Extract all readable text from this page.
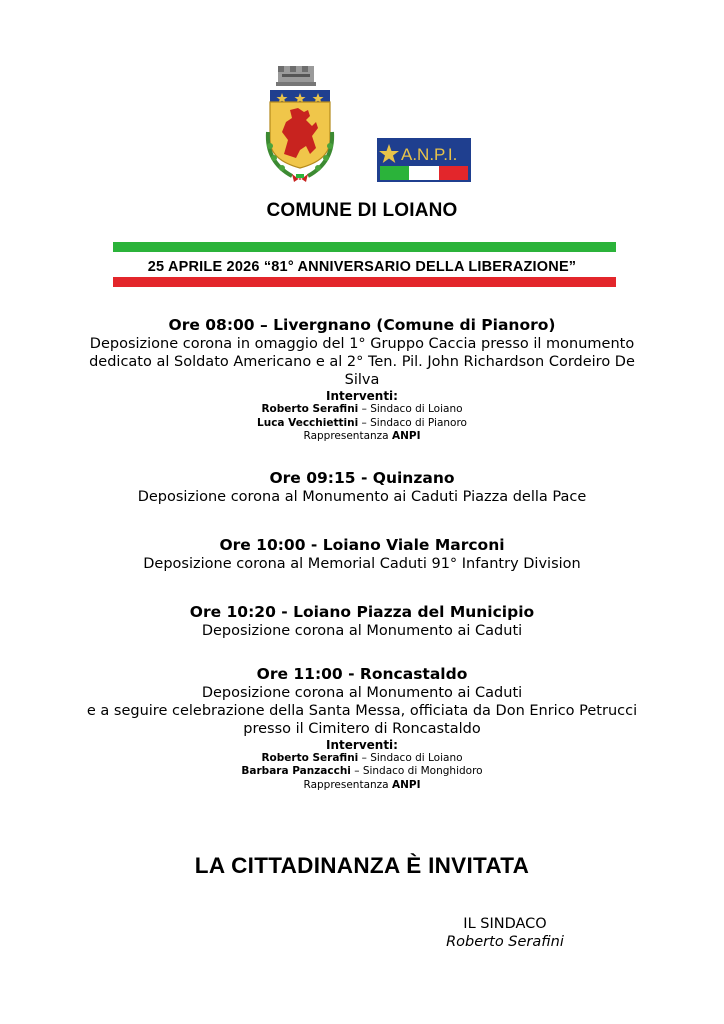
A.N.P.I.
COMUNE DI LOIANO
25 APRILE 2026 “81° ANNIVERSARIO DELLA LIBERAZIONE”
Ore 08:00 – Livergnano (Comune di Pianoro)
Deposizione corona in omaggio del 1° Gruppo Caccia presso il monumento
dedicato al Soldato Americano e al 2° Ten. Pil. John Richardson Cordeiro De
Silva
Interventi:
Roberto Serafini – Sindaco di Loiano
Luca Vecchiettini – Sindaco di Pianoro
Rappresentanza ANPI
Ore 09:15 - Quinzano
Deposizione corona al Monumento ai Caduti Piazza della Pace
Ore 10:00 - Loiano Viale Marconi
Deposizione corona al Memorial Caduti 91° Infantry Division
Ore 10:20 - Loiano Piazza del Municipio
Deposizione corona al Monumento ai Caduti
Ore 11:00 - Roncastaldo
Deposizione corona al Monumento ai Caduti
e a seguire celebrazione della Santa Messa, officiata da Don Enrico Petrucci
presso il Cimitero di Roncastaldo
Interventi:
Roberto Serafini – Sindaco di Loiano
Barbara Panzacchi – Sindaco di Monghidoro
Rappresentanza ANPI
LA CITTADINANZA È INVITATA
IL SINDACO
Roberto Serafini
